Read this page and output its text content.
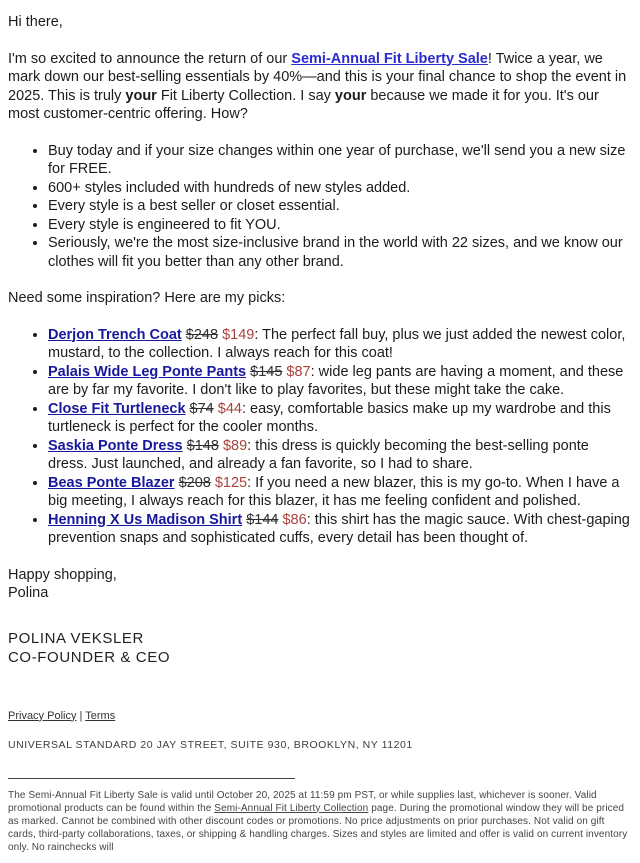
Hi there,

I'm so excited to announce the return of our Semi-Annual Fit Liberty Sale! Twice a year, we mark down our best-selling essentials by 40%—and this is your final chance to shop the event in 2025. This is truly your Fit Liberty Collection. I say your because we made it for you. It's our most customer-centric offering. How?

• Buy today and if your size changes within one year of purchase, we'll send you a new size for FREE.
• 600+ styles included with hundreds of new styles added.
• Every style is a best seller or closet essential.
• Every style is engineered to fit YOU.
• Seriously, we're the most size-inclusive brand in the world with 22 sizes, and we know our clothes will fit you better than any other brand.

Need some inspiration? Here are my picks:

• Derjon Trench Coat $248 $149: The perfect fall buy, plus we just added the newest color, mustard, to the collection. I always reach for this coat!
• Palais Wide Leg Ponte Pants $145 $87: wide leg pants are having a moment, and these are by far my favorite. I don't like to play favorites, but these might take the cake.
• Close Fit Turtleneck $74 $44: easy, comfortable basics make up my wardrobe and this turtleneck is perfect for the cooler months.
• Saskia Ponte Dress $148 $89: this dress is quickly becoming the best-selling ponte dress. Just launched, and already a fan favorite, so I had to share.
• Beas Ponte Blazer $208 $125: If you need a new blazer, this is my go-to. When I have a big meeting, I always reach for this blazer, it has me feeling confident and polished.
• Henning X Us Madison Shirt $144 $86: this shirt has the magic sauce. With chest-gaping prevention snaps and sophisticated cuffs, every detail has been thought of.

Happy shopping,
Polina

POLINA VEKSLER
CO-FOUNDER & CEO
Privacy Policy | Terms
UNIVERSAL STANDARD 20 JAY STREET, SUITE 930, BROOKLYN, NY 11201

The Semi-Annual Fit Liberty Sale is valid until October 20, 2025 at 11:59 pm PST, or while supplies last, whichever is sooner. Valid promotional products can be found within the Semi-Annual Fit Liberty Collection page. During the promotional window they will be priced as marked. Cannot be combined with other discount codes or promotions. No price adjustments on prior purchases. Not valid on gift cards, third-party collaborations, taxes, or shipping & handling charges. Sizes and styles are limited and offer is valid on current inventory only. No rainchecks will
